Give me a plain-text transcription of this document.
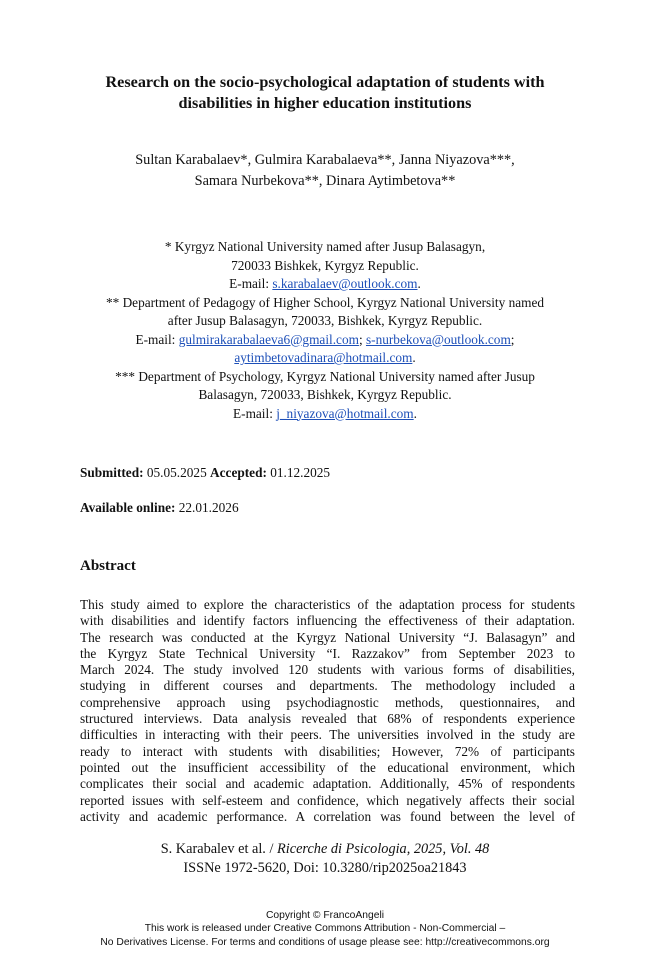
Research on the socio-psychological adaptation of students with
disabilities in higher education institutions
Sultan Karabalaev*, Gulmira Karabalaeva**, Janna Niyazova***,
Samara Nurbekova**, Dinara Aytimbetova**
* Kyrgyz National University named after Jusup Balasagyn,
720033 Bishkek, Kyrgyz Republic.
E-mail: s.karabalaev@outlook.com.
** Department of Pedagogy of Higher School, Kyrgyz National University named
after Jusup Balasagyn, 720033, Bishkek, Kyrgyz Republic.
E-mail: gulmirakarabalaeva6@gmail.com; s-nurbekova@outlook.com;
aytimbetovadinara@hotmail.com.
*** Department of Psychology, Kyrgyz National University named after Jusup
Balasagyn, 720033, Bishkek, Kyrgyz Republic.
E-mail: j_niyazova@hotmail.com.
Submitted: 05.05.2025 Accepted: 01.12.2025
Available online: 22.01.2026
Abstract
This study aimed to explore the characteristics of the adaptation process for students
with disabilities and identify factors influencing the effectiveness of their adaptation.
The research was conducted at the Kyrgyz National University “J. Balasagyn” and
the Kyrgyz State Technical University “I. Razzakov” from September 2023 to
March 2024. The study involved 120 students with various forms of disabilities,
studying in different courses and departments. The methodology included a
comprehensive approach using psychodiagnostic methods, questionnaires, and
structured interviews. Data analysis revealed that 68% of respondents experience
difficulties in interacting with their peers. The universities involved in the study are
ready to interact with students with disabilities; However, 72% of participants
pointed out the insufficient accessibility of the educational environment, which
complicates their social and academic adaptation. Additionally, 45% of respondents
reported issues with self-esteem and confidence, which negatively affects their social
activity and academic performance. A correlation was found between the level of
S. Karabalev et al. / Ricerche di Psicologia, 2025, Vol. 48
ISSNe 1972-5620, Doi: 10.3280/rip2025oa21843
Copyright © FrancoAngeli
This work is released under Creative Commons Attribution - Non-Commercial –
No Derivatives License. For terms and conditions of usage please see: http://creativecommons.org
